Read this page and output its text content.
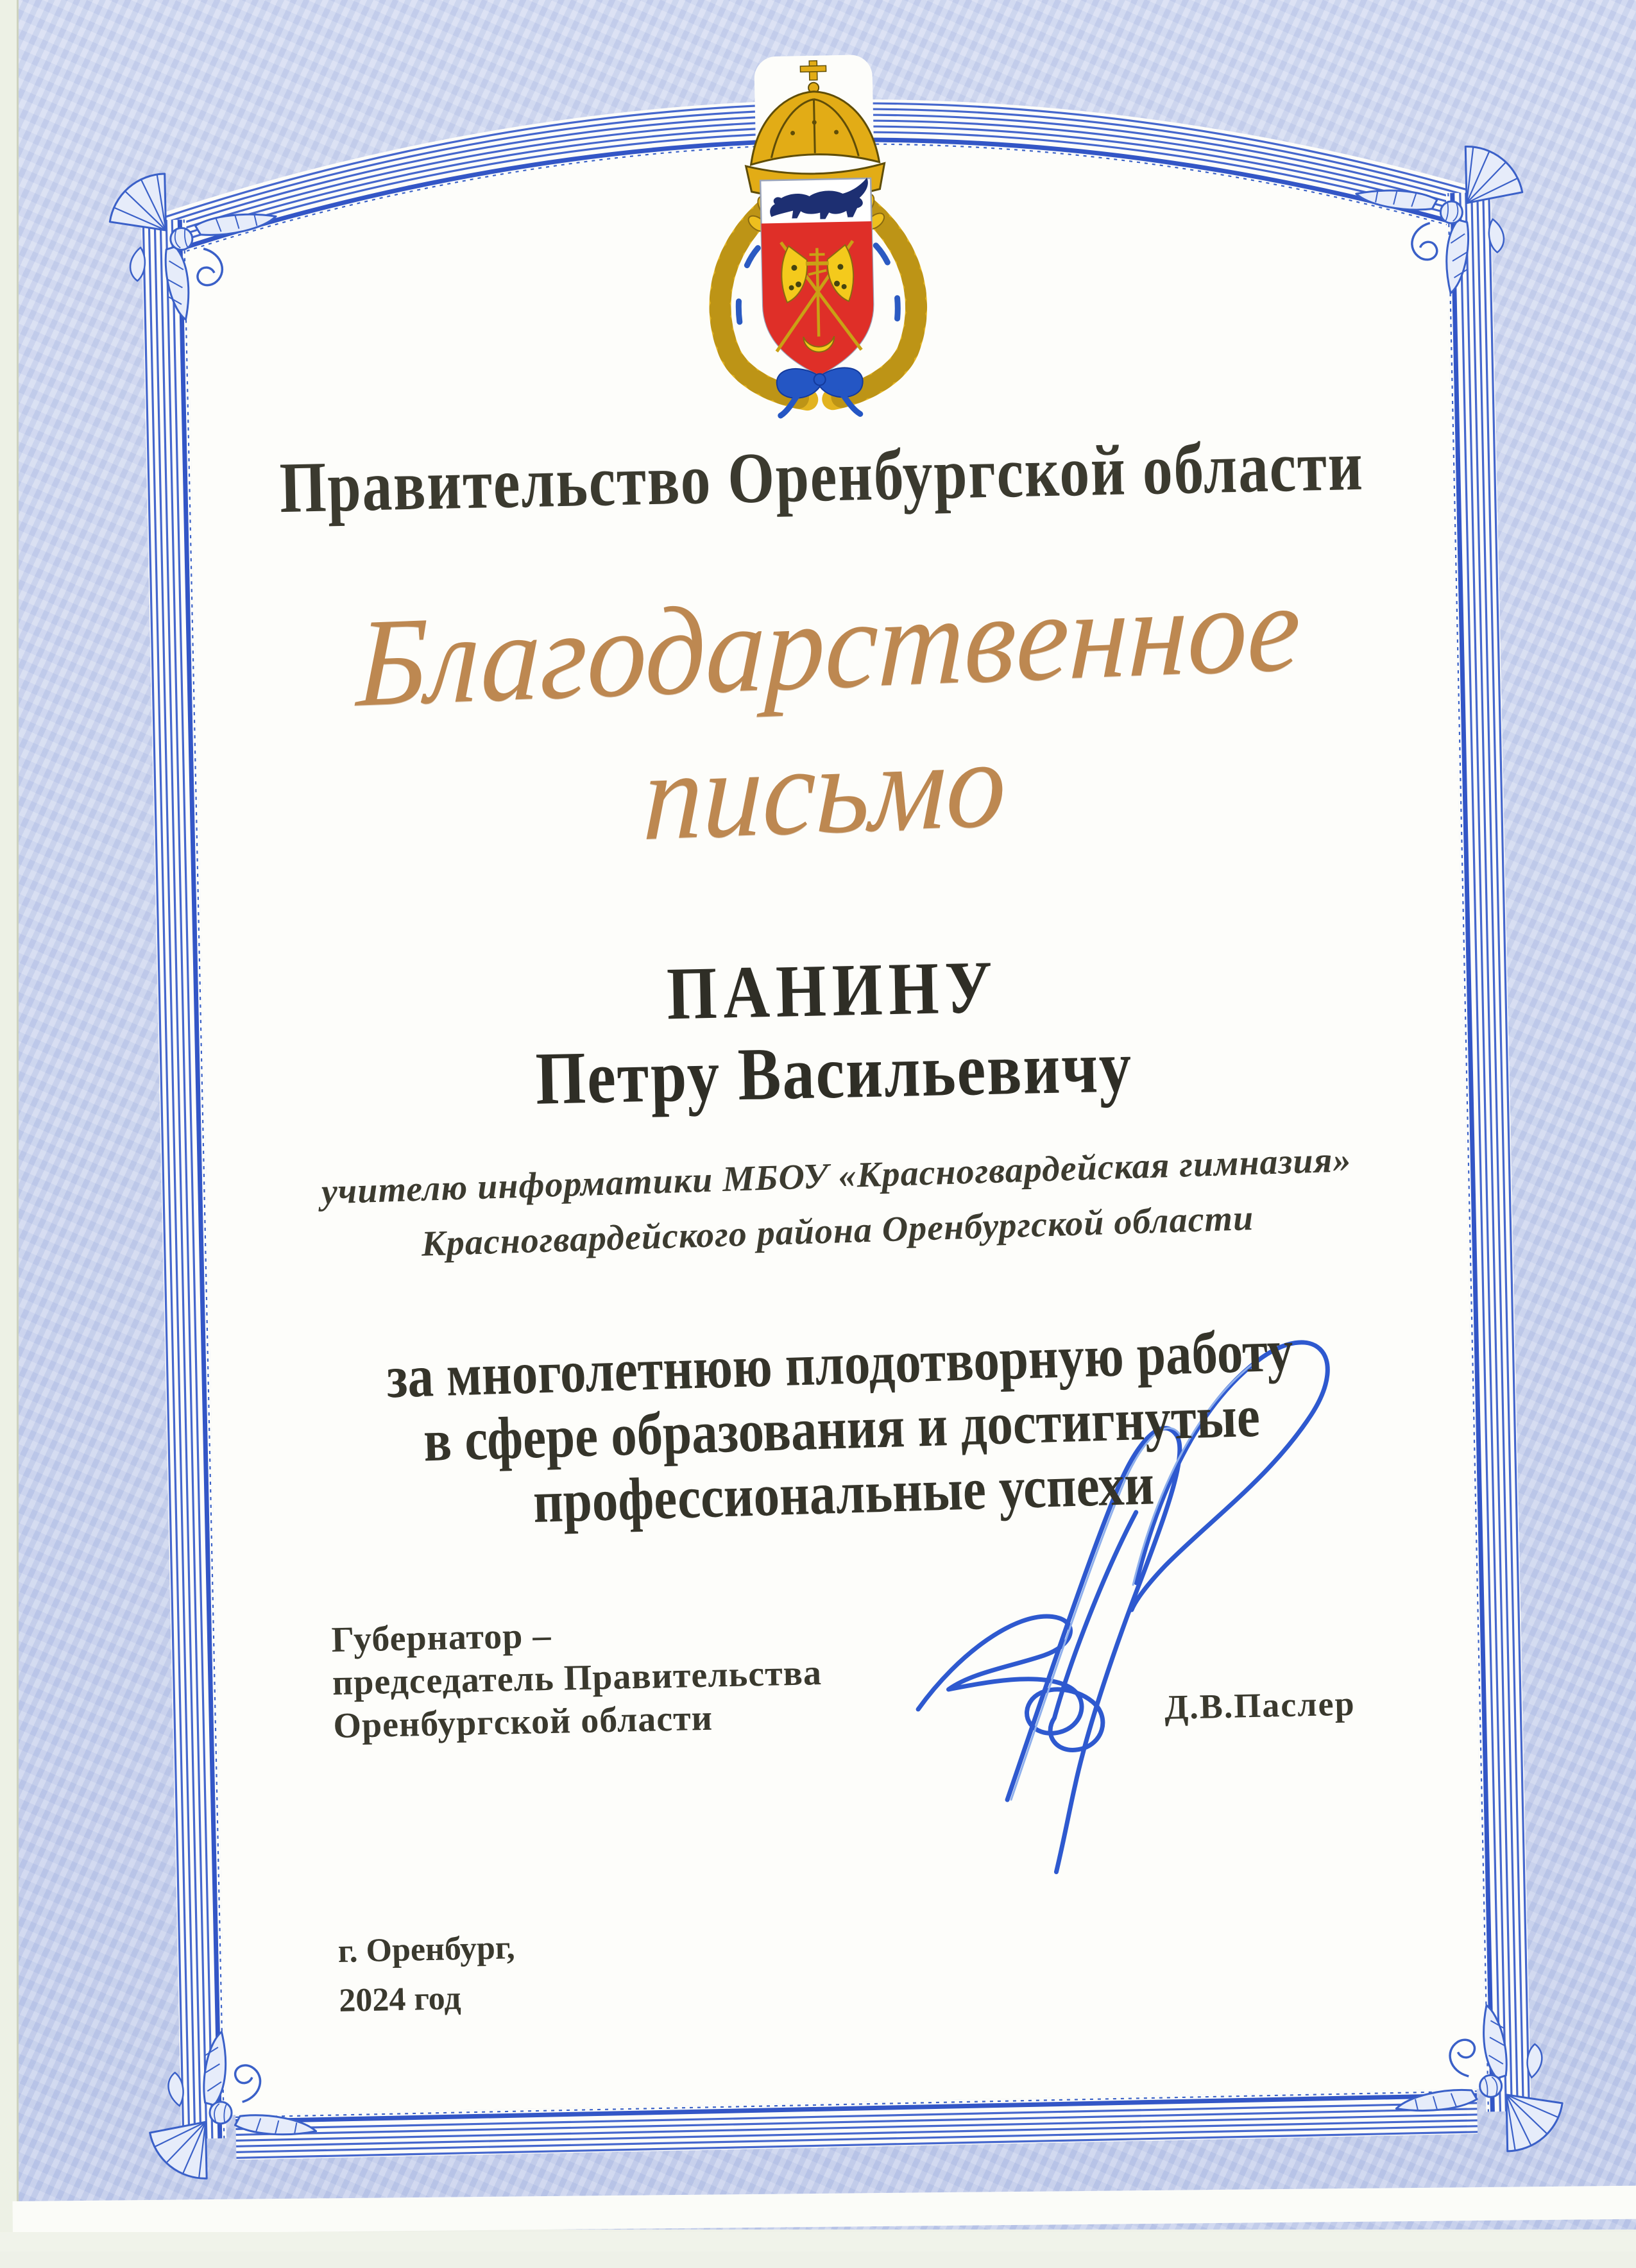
Правительство Оренбургской области
Благодарственное письмо
ПАНИНУ
Петру Васильевичу
учителю информатики МБОУ «Красногвардейская гимназия»
Красногвардейского района Оренбургской области
за многолетнюю плодотворную работу
в сфере образования и достигнутые
профессиональные успехи
Губернатор –
председатель Правительства
Оренбургской области	Д.В.Паслер
г. Оренбург,
2024 год
